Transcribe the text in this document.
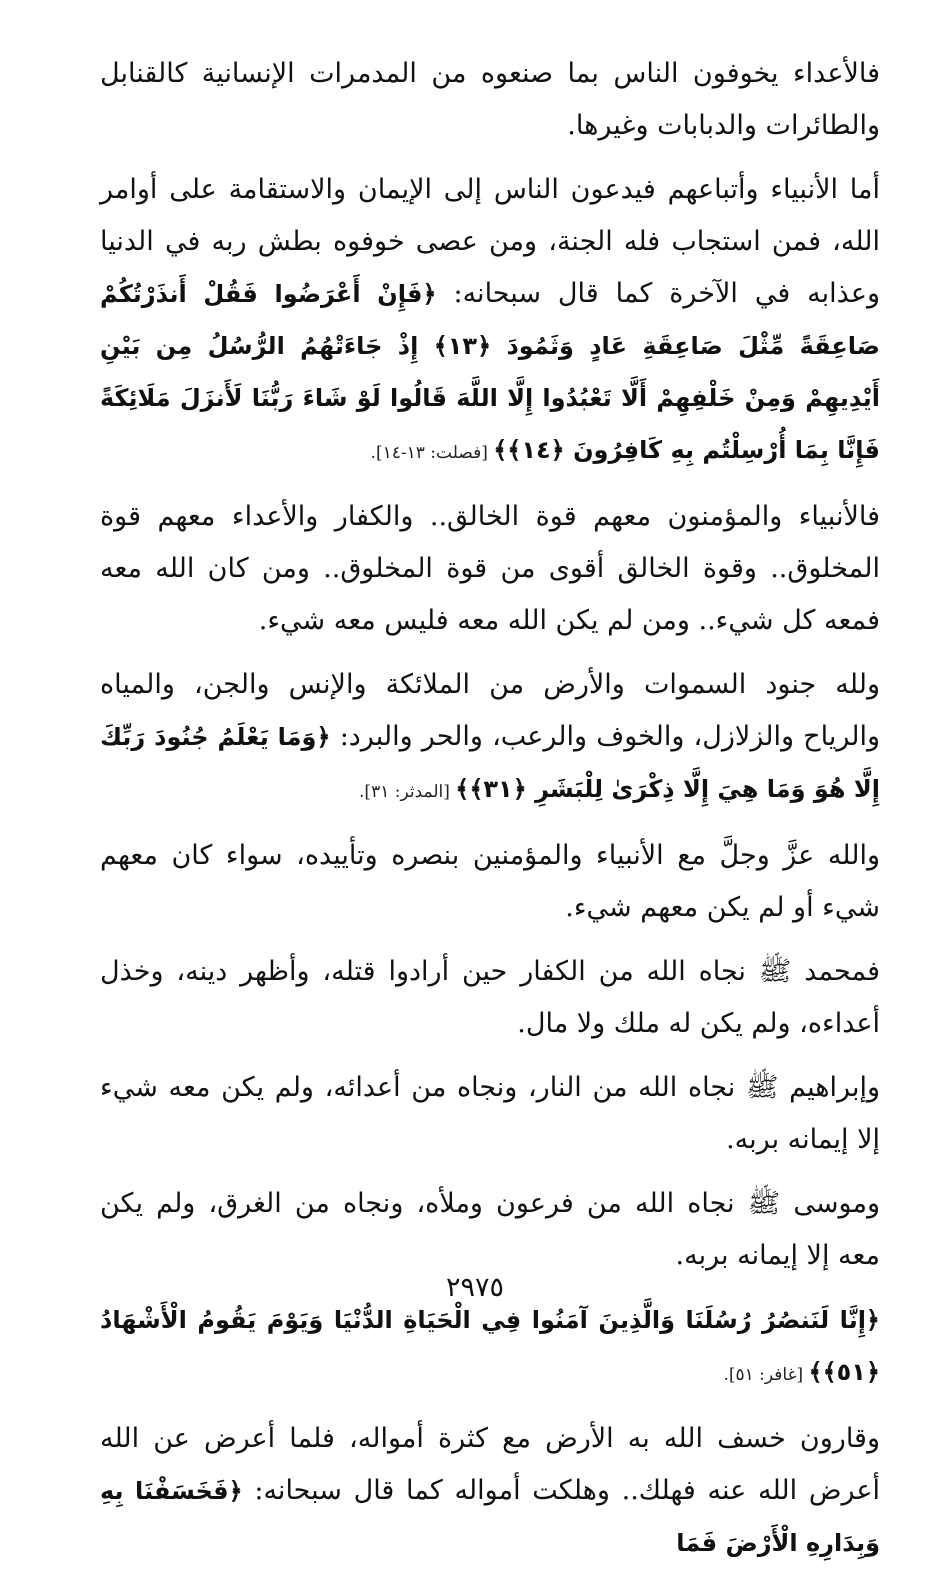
فالأعداء يخوفون الناس بما صنعوه من المدمرات الإنسانية كالقنابل والطائرات والدبابات وغيرها.

أما الأنبياء وأتباعهم فيدعون الناس إلى الإيمان والاستقامة على أوامر الله، فمن استجاب فله الجنة، ومن عصى خوفوه بطش ربه في الدنيا وعذابه في الآخرة كما قال سبحانه: ﴿فَإِنْ أَعْرَضُوا فَقُلْ أَنذَرْتُكُمْ صَاعِقَةً مِّثْلَ صَاعِقَةِ عَادٍ وَثَمُودَ ﴿١٣﴾ إِذْ جَاءَتْهُمُ الرُّسُلُ مِن بَيْنِ أَيْدِيهِمْ وَمِنْ خَلْفِهِمْ أَلَّا تَعْبُدُوا إِلَّا اللَّهَ قَالُوا لَوْ شَاءَ رَبُّنَا لَأَنزَلَ مَلَائِكَةً فَإِنَّا بِمَا أُرْسِلْتُم بِهِ كَافِرُونَ ﴿١٤﴾﴾ [فصلت: ١٣-١٤].

فالأنبياء والمؤمنون معهم قوة الخالق.. والكفار والأعداء معهم قوة المخلوق.. وقوة الخالق أقوى من قوة المخلوق.. ومن كان الله معه فمعه كل شيء.. ومن لم يكن الله معه فليس معه شيء.

ولله جنود السموات والأرض من الملائكة والإنس والجن، والمياه والرياح والزلازل، والخوف والرعب، والحر والبرد: ﴿وَمَا يَعْلَمُ جُنُودَ رَبِّكَ إِلَّا هُوَ وَمَا هِيَ إِلَّا ذِكْرَىٰ لِلْبَشَرِ ﴿٣١﴾﴾ [المدثر: ٣١].

والله عزَّ وجلَّ مع الأنبياء والمؤمنين بنصره وتأييده، سواء كان معهم شيء أو لم يكن معهم شيء.

فمحمد ﷺ نجاه الله من الكفار حين أرادوا قتله، وأظهر دينه، وخذل أعداءه، ولم يكن له ملك ولا مال.

وإبراهيم ﷺ نجاه الله من النار، ونجاه من أعدائه، ولم يكن معه شيء إلا إيمانه بربه.

وموسى ﷺ نجاه الله من فرعون وملأه، ونجاه من الغرق، ولم يكن معه إلا إيمانه بربه.

﴿إِنَّا لَنَنصُرُ رُسُلَنَا وَالَّذِينَ آمَنُوا فِي الْحَيَاةِ الدُّنْيَا وَيَوْمَ يَقُومُ الْأَشْهَادُ ﴿٥١﴾﴾ [غافر: ٥١].

وقارون خسف الله به الأرض مع كثرة أمواله، فلما أعرض عن الله أعرض الله عنه فهلك.. وهلكت أمواله كما قال سبحانه: ﴿فَخَسَفْنَا بِهِ وَبِدَارِهِ الْأَرْضَ فَمَا

٢٩٧٥
